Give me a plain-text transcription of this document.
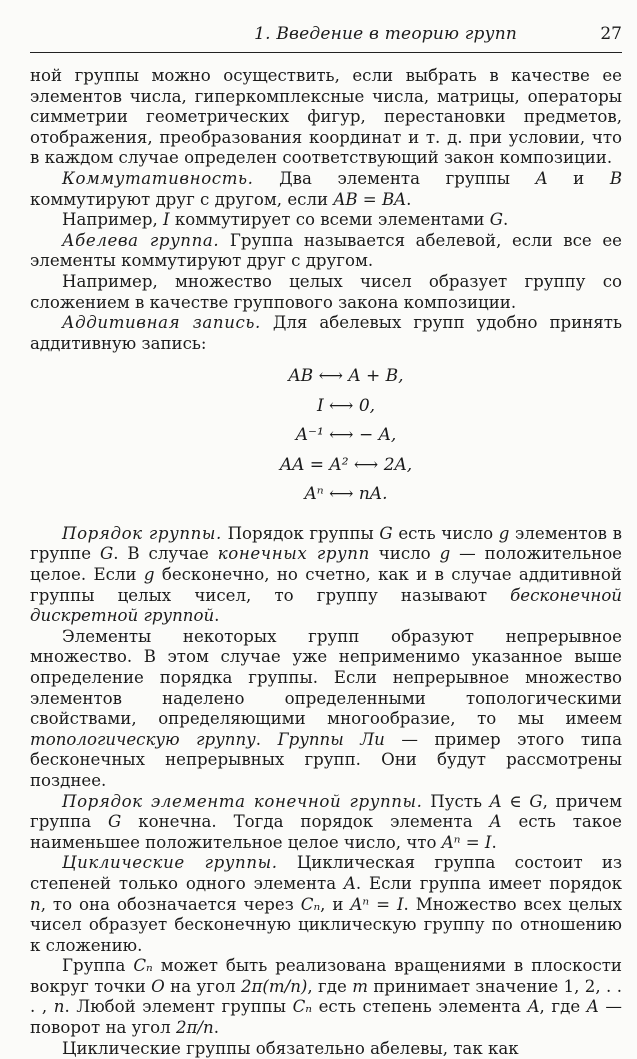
1. Введение в теорию групп	27

ной группы можно осуществить, если выбрать в качестве ее элементов числа, гиперкомплексные числа, матрицы, операторы симметрии геометрических фигур, перестановки предметов, отображения, преобразования координат и т. д. при условии, что в каждом случае определен соответствующий закон композиции.

Коммутативность. Два элемента группы A и B коммутируют друг с другом, если AB = BA.

Например, I коммутирует со всеми элементами G.

Абелева группа. Группа называется абелевой, если все ее элементы коммутируют друг с другом.

Например, множество целых чисел образует группу со сложением в качестве группового закона композиции.

Аддитивная запись. Для абелевых групп удобно принять аддитивную запись:

AB ⟷ A + B,
I ⟷ 0,
A⁻¹ ⟷ − A,
AA = A² ⟷ 2A,
Aⁿ ⟷ nA.

Порядок группы. Порядок группы G есть число g элементов в группе G. В случае конечных групп число g — положительное целое. Если g бесконечно, но счетно, как и в случае аддитивной группы целых чисел, то группу называют бесконечной дискретной группой.

Элементы некоторых групп образуют непрерывное множество. В этом случае уже неприменимо указанное выше определение порядка группы. Если непрерывное множество элементов наделено определенными топологическими свойствами, определяющими многообразие, то мы имеем топологическую группу. Группы Ли — пример этого типа бесконечных непрерывных групп. Они будут рассмотрены позднее.

Порядок элемента конечной группы. Пусть A ∈ G, причем группа G конечна. Тогда порядок элемента A есть такое наименьшее положительное целое число, что Aⁿ = I.

Циклические группы. Циклическая группа состоит из степеней только одного элемента A. Если группа имеет порядок n, то она обозначается через Cₙ, и Aⁿ = I. Множество всех целых чисел образует бесконечную циклическую группу по отношению к сложению.

Группа Cₙ может быть реализована вращениями в плоскости вокруг точки O на угол 2π(m/n), где m принимает значение 1, 2, . . . , n. Любой элемент группы Cₙ есть степень элемента A, где A — поворот на угол 2π/n.

Циклические группы обязательно абелевы, так как
